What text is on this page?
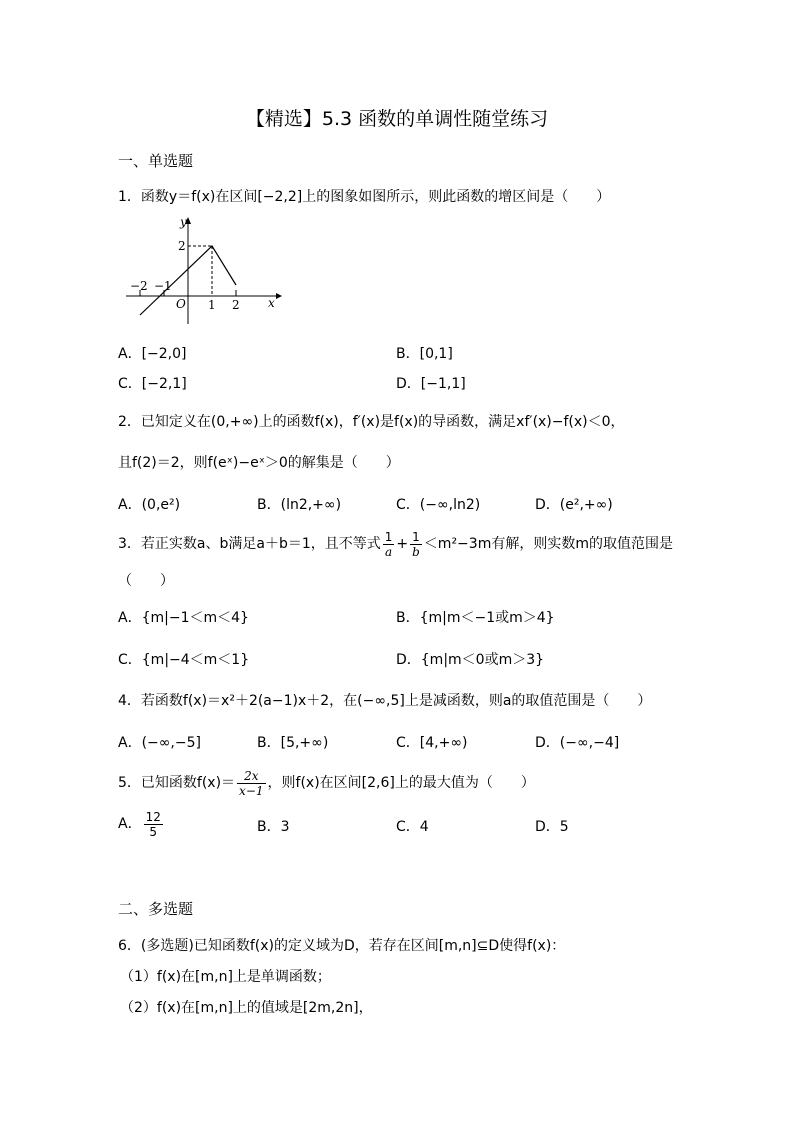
【精选】5.3 函数的单调性随堂练习
一、单选题
1．函数y＝f(x)在区间[−2,2]上的图象如图所示，则此函数的增区间是（　　）
y
x
O
2
−2 −1
1 2
A．[−2,0]	B．[0,1]
C．[−2,1]	D．[−1,1]
2．已知定义在(0,+∞)上的函数f(x)，f′(x)是f(x)的导函数，满足xf′(x)−f(x)＜0，
且f(2)＝2，则f(eˣ)−eˣ＞0的解集是（　　）
A．(0,e²)	B．(ln2,+∞)	C．(−∞,ln2)	D．(e²,+∞)
3．若正实数a、b满足a＋b＝1，且不等式 $\frac{1}{a} + \frac{1}{b} <m^2-3m$有解，则实数m的取值范围是
（　　）
A．{m|−1＜m＜4}	B．{m|m＜−1或m＞4}
C．{m|−4＜m＜1}	D．{m|m＜0或m＞3}
4．若函数f(x)＝x²＋2(a−1)x＋2，在(−∞,5]上是减函数，则a的取值范围是（　　）
A．(−∞,−5]	B．[5,+∞)	C．[4,+∞)	D．(−∞,−4]
5．已知函数$f(x)= \frac{2x}{x-1}$ ，则f(x)在区间[2,6]上的最大值为（　　）
A． $\frac{12}{5}$	B．3	C．4	D．5
二、多选题
6．(多选题)已知函数f(x)的定义域为D，若存在区间[m,n]⊆D使得f(x)：
（1）f(x)在[m,n]上是单调函数；
（2）f(x)在[m,n]上的值域是[2m,2n]，
